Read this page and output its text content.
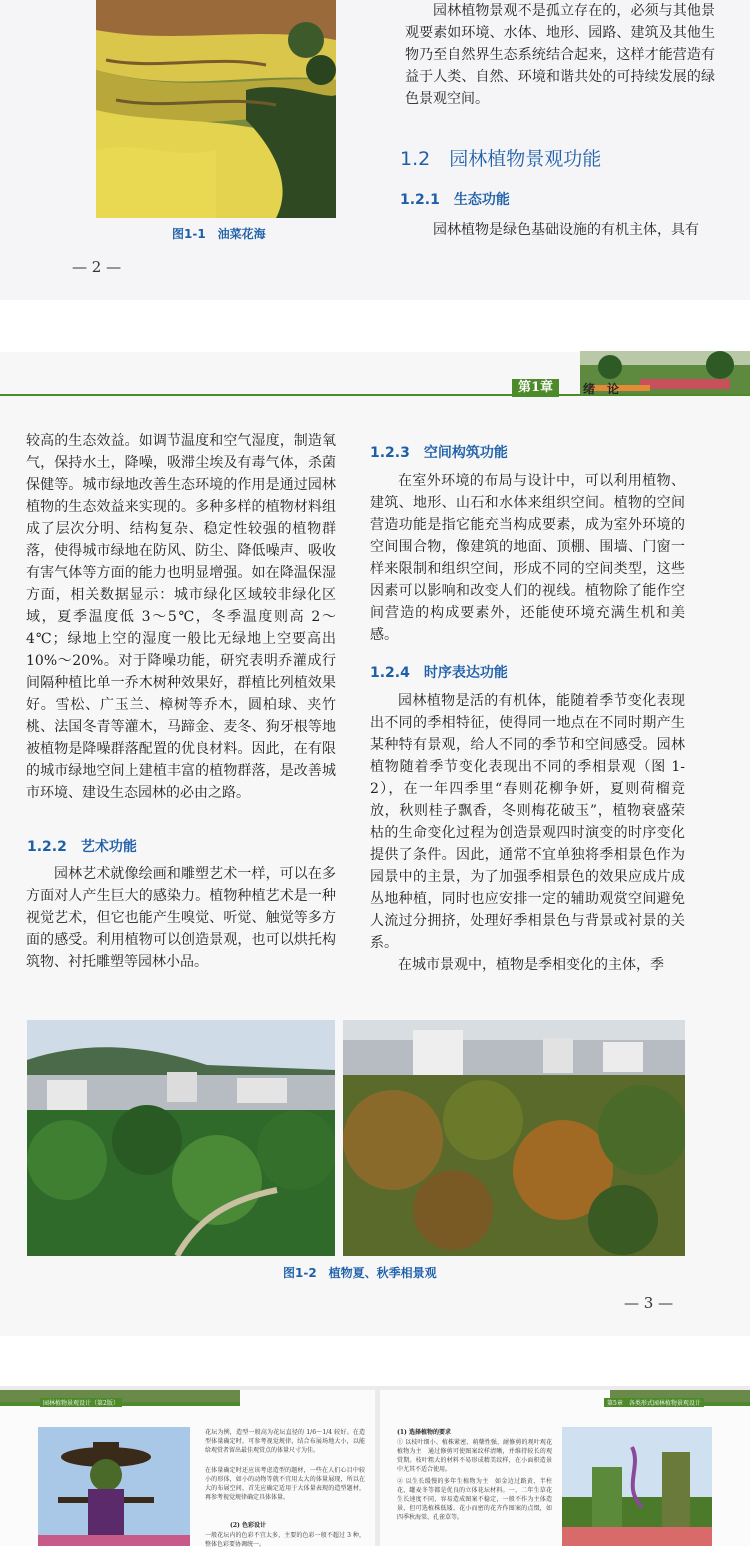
图1-1　油菜花海
— 2 —
园林植物景观不是孤立存在的，必须与其他景观要素如环境、水体、地形、园路、建筑及其他生物乃至自然界生态系统结合起来，这样才能营造有益于人类、自然、环境和谐共处的可持续发展的绿色景观空间。
1.2　园林植物景观功能
1.2.1　生态功能
园林植物是绿色基础设施的有机主体，具有
第1章	绪　论
较高的生态效益。如调节温度和空气湿度，制造氧气，保持水土，降噪，吸滞尘埃及有毒气体，杀菌保健等。城市绿地改善生态环境的作用是通过园林植物的生态效益来实现的。多种多样的植物材料组成了层次分明、结构复杂、稳定性较强的植物群落，使得城市绿地在防风、防尘、降低噪声、吸收有害气体等方面的能力也明显增强。如在降温保湿方面，相关数据显示：城市绿化区域较非绿化区域，夏季温度低 3～5℃，冬季温度则高 2～4℃；绿地上空的湿度一般比无绿地上空要高出 10%～20%。对于降噪功能，研究表明乔灌成行间隔种植比单一乔木树种效果好，群植比列植效果好。雪松、广玉兰、樟树等乔木，圆柏球、夹竹桃、法国冬青等灌木，马蹄金、麦冬、狗牙根等地被植物是降噪群落配置的优良材料。因此，在有限的城市绿地空间上建植丰富的植物群落，是改善城市环境、建设生态园林的必由之路。
1.2.2　艺术功能
园林艺术就像绘画和雕塑艺术一样，可以在多方面对人产生巨大的感染力。植物种植艺术是一种视觉艺术，但它也能产生嗅觉、听觉、触觉等多方面的感受。利用植物可以创造景观，也可以烘托构筑物、衬托雕塑等园林小品。
1.2.3　空间构筑功能
在室外环境的布局与设计中，可以利用植物、建筑、地形、山石和水体来组织空间。植物的空间营造功能是指它能充当构成要素，成为室外环境的空间围合物，像建筑的地面、顶棚、围墙、门窗一样来限制和组织空间，形成不同的空间类型，这些因素可以影响和改变人们的视线。植物除了能作空间营造的构成要素外，还能使环境充满生机和美感。
1.2.4　时序表达功能
园林植物是活的有机体，能随着季节变化表现出不同的季相特征，使得同一地点在不同时期产生某种特有景观，给人不同的季节和空间感受。园林植物随着季节变化表现出不同的季相景观（图 1-2），在一年四季里“春则花柳争妍，夏则荷榴竞放，秋则桂子飘香，冬则梅花破玉”，植物衰盛荣枯的生命变化过程为创造景观四时演变的时序变化提供了条件。因此，通常不宜单独将季相景色作为园景中的主景，为了加强季相景色的效果应成片成丛地种植，同时也应安排一定的辅助观赏空间避免人流过分拥挤，处理好季相景色与背景或衬景的关系。
在城市景观中，植物是季相变化的主体，季
图1-2　植物夏、秋季相景观
— 3 —
园林植物景观设计（第2版）	第5章　各类形式园林植物景观设计
花坛为例，造型一般高为花坛直径的 1/6～1/4 较好。在造型体量确定时，可参考视觉规律，结合布展场地大小，以能给观赏者留出最佳观赏点的体量尺寸为佳。
在体量确定时还应该考虑造型的题材，一些在人们心目中较小的形体，如小的动物等就不宜用太大的体量展现，所以在大的布展空间，首先应确定适用于大体量表现的造型题材，再参考视觉规律确定具体体量。
(2) 色彩设计
一般花坛内的色彩不宜太多，主要的色彩一般不超过 3 种，整体色彩要协调统一。
(1) 选择植物的要求
① 以枝叶细小、植株紧密、萌蘖性强、耐修剪的观叶观花植物为主　通过修剪可使图案纹样清晰，并维持较长的观赏期。枝叶粗大的材料不易形成精美纹样，在小面积造景中尤其不适合使用。
② 以生长缓慢的多年生植物为主　如金边过路黄、半柱花、罐麦冬等都是优良的立体花坛材料。一、二年生草花生长速度不同，容易造成图案不稳定，一般不作为主体造景，但可选植株低矮、花小而密的花卉作图案的点缀，如四季秋海棠、孔雀草等。
